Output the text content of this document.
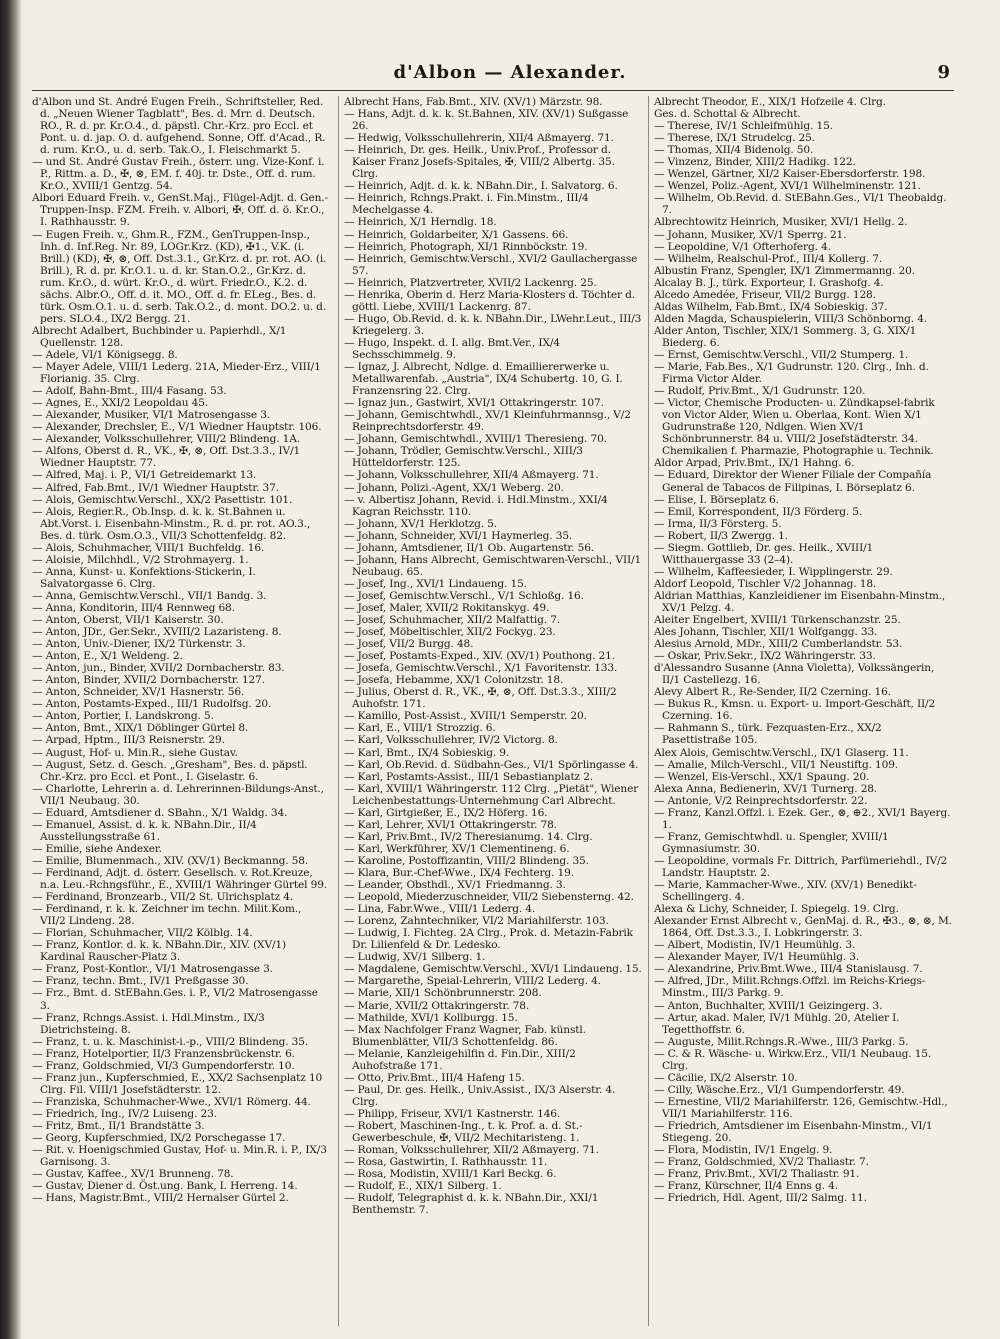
d'Albon — Alexander.	9

d'Albon und St. André Eugen Freih., Schriftsteller, Red. d. „Neuen Wiener Tagblatt", Bes. d. Mrr. d. Deutsch. RO., R. d. pr. Kr.O.4., d. päpstl. Chr.-Krz. pro Eccl. et Pont. u. d. jap. O. d. aufgehend. Sonne, Off. d'Acad., R. d. rum. Kr.O., u. d. serb. Tak.O., I. Fleischmarkt 5.

— und St. André Gustav Freih., österr. ung. Vize-Konf. i. P., Rittm. a. D., ✠, ⊗, EM. f. 40j. tr. Dste., Off. d. rum. Kr.O., XVIII/1 Gentzg. 54.

Albori Eduard Freih. v., GenSt.Maj., Flügel-Adjt. d. Gen.-Truppen-Insp. FZM. Freih. v. Albori, ✠, Off. d. ö. Kr.O., I. Rathhausstr. 9.

— Eugen Freih. v., Ghm.R., FZM., GenTruppen-Insp., Inh. d. Inf.Reg. Nr. 89, LOGr.Krz. (KD), ✠1., V.K. (i. Brill.) (KD), ✠, ⊗, Off. Dst.3.1., Gr.Krz. d. pr. rot. AO. (i. Brill.), R. d. pr. Kr.O.1. u. d. kr. Stan.O.2., Gr.Krz. d. rum. Kr.O., d. würt. Kr.O., d. würt. Friedr.O., K.2. d. sächs. Albr.O., Off. d. it. MO., Off. d. fr. ELeg., Bes. d. türk. Osm.O.1. u. d. serb. Tak.O.2., d. mont. DO.2. u. d. pers. SLO.4., IX/2 Bergg. 21.

Albrecht Adalbert, Buchbinder u. Papierhdl., X/1 Quellenstr. 128.

— Adele, VI/1 Königsegg. 8.

— Mayer Adele, VIII/1 Lederg. 21A, Mieder-Erz., VIII/1 Florianig. 35. Clrg.

— Adolf, Bahn-Bmt., III/4 Fasang. 53.

— Agnes, E., XXI/2 Leopoldau 45.

— Alexander, Musiker, VI/1 Matrosengasse 3.

— Alexander, Drechsler, E., V/1 Wiedner Hauptstr. 106.

— Alexander, Volksschullehrer, VIII/2 Blindeng. 1A.

— Alfons, Oberst d. R., VK., ✠, ⊗, Off. Dst.3.3., IV/1 Wiedner Hauptstr. 77.

— Alfred, Maj. i. P., VI/1 Getreidemarkt 13.

— Alfred, Fab.Bmt., IV/1 Wiedner Hauptstr. 37.

— Alois, Gemischtw.Verschl., XX/2 Pasettistr. 101.

— Alois, Regier.R., Ob.Insp. d. k. k. St.Bahnen u. Abt.Vorst. i. Eisenbahn-Minstm., R. d. pr. rot. AO.3., Bes. d. türk. Osm.O.3., VII/3 Schottenfeldg. 82.

— Alois, Schuhmacher, VIII/1 Buchfeldg. 16.

— Aloisie, Milchhdl., V/2 Strohmayerg. 1.

— Anna, Kunst- u. Konfektions-Stickerin, I. Salvatorgasse 6. Clrg.

— Anna, Gemischtw.Verschl., VII/1 Bandg. 3.

— Anna, Konditorin, III/4 Rennweg 68.

— Anton, Oberst, VII/1 Kaiserstr. 30.

— Anton, JDr., Ger.Sekr., XVIII/2 Lazaristeng. 8.

— Anton, Univ.-Diener, IX/2 Türkenstr. 3.

— Anton, E., X/1 Weldeng. 2.

— Anton, jun., Binder, XVII/2 Dornbacherstr. 83.

— Anton, Binder, XVII/2 Dornbacherstr. 127.

— Anton, Schneider, XV/1 Hasnerstr. 56.

— Anton, Postamts-Exped., III/1 Rudolfsg. 20.

— Anton, Portier, I. Landskrong. 5.

— Anton, Bmt., XIX/1 Döblinger Gürtel 8.

— Arpad, Hptm., III/3 Reisnerstr. 29.

— August, Hof- u. Min.R., siehe Gustav.

— August, Setz. d. Gesch. „Gresham", Bes. d. päpstl. Chr.-Krz. pro Eccl. et Pont., I. Giselastr. 6.

— Charlotte, Lehrerin a. d. Lehrerinnen-Bildungs-Anst., VII/1 Neubaug. 30.

— Eduard, Amtsdiener d. SBahn., X/1 Waldg. 34.

— Emanuel, Assist. d. k. k. NBahn.Dir., II/4 Ausstellungsstraße 61.

— Emilie, siehe Andexer.

— Emilie, Blumenmach., XIV. (XV/1) Beckmanng. 58.

— Ferdinand, Adjt. d. österr. Gesellsch. v. Rot.Kreuze, n.a. Leu.-Rchngsführ., E., XVIII/1 Währinger Gürtel 99.

— Ferdinand, Bronzearb., VII/2 St. Ulrichsplatz 4.

— Ferdinand, r. k. k. Zeichner im techn. Milit.Kom., VII/2 Lindeng. 28.

— Florian, Schuhmacher, VII/2 Kölblg. 14.

— Franz, Kontlor. d. k. k. NBahn.Dir., XIV. (XV/1) Kardinal Rauscher-Platz 3.

— Franz, Post-Kontlor., VI/1 Matrosengasse 3.

— Franz, techn. Bmt., IV/1 Preßgasse 30.

— Frz., Bmt. d. StEBahn.Ges. i. P., VI/2 Matrosengasse 3.

— Franz, Rchngs.Assist. i. Hdl.Minstm., IX/3 Dietrichsteing. 8.

— Franz, t. u. k. Maschinist-i.-p., VIII/2 Blindeng. 35.

— Franz, Hotelportier, II/3 Franzensbrückenstr. 6.

— Franz, Goldschmied, VI/3 Gumpendorferstr. 10.

— Franz jun., Kupferschmied, E., XX/2 Sachsenplatz 10 Clrg. Fil. VIII/1 Josefstädterstr. 12.

— Franziska, Schuhmacher-Wwe., XVI/1 Römerg. 44.

— Friedrich, Ing., IV/2 Luiseng. 23.

— Fritz, Bmt., II/1 Brandstätte 3.

— Georg, Kupferschmied, IX/2 Porschegasse 17.

— Rit. v. Hoenigschmied Gustav, Hof- u. Min.R. i. P., IX/3 Garnisong. 3.

— Gustav, Kaffee., XV/1 Brunneng. 78.

— Gustav, Diener d. Öst.ung. Bank, I. Herreng. 14.

— Hans, Magistr.Bmt., VIII/2 Hernalser Gürtel 2.

Albrecht Hans, Fab.Bmt., XIV. (XV/1) Märzstr. 98.

— Hans, Adjt. d. k. k. St.Bahnen, XIV. (XV/1) Sußgasse 26.

— Hedwig, Volksschullehrerin, XII/4 Aßmayerg. 71.

— Heinrich, Dr. ges. Heilk., Univ.Prof., Professor d. Kaiser Franz Josefs-Spitales, ✠, VIII/2 Albertg. 35. Clrg.

— Heinrich, Adjt. d. k. k. NBahn.Dir., I. Salvatorg. 6.

— Heinrich, Rchngs.Prakt. i. Fin.Minstm., III/4 Mechelgasse 4.

— Heinrich, X/1 Herndlg. 18.

— Heinrich, Goldarbeiter, X/1 Gassens. 66.

— Heinrich, Photograph, XI/1 Rinnböckstr. 19.

— Heinrich, Gemischtw.Verschl., XVI/2 Gaullachergasse 57.

— Heinrich, Platzvertreter, XVII/2 Lackenrg. 25.

— Henrika, Oberin d. Herz Maria-Klosters d. Töchter d. göttl. Liebe, XVIII/1 Lackenrg. 87.

— Hugo, Ob.Revid. d. k. k. NBahn.Dir., LWehr.Leut., III/3 Kriegelerg. 3.

— Hugo, Inspekt. d. I. allg. Bmt.Ver., IX/4 Sechsschimmelg. 9.

— Ignaz, J. Albrecht, Ndlge. d. Emailliererwerke u. Metallwarenfab. „Austria", IX/4 Schubertg. 10, G. I. Franzensring 22. Clrg.

— Ignaz jun., Gastwirt, XVI/1 Ottakringerstr. 107.

— Johann, Gemischtwhdl., XV/1 Kleinfuhrmannsg., V/2 Reinprechtsdorferstr. 49.

— Johann, Gemischtwhdl., XVIII/1 Theresieng. 70.

— Johann, Trödler, Gemischtw.Verschl., XIII/3 Hütteldorferstr. 125.

— Johann, Volksschullehrer, XII/4 Aßmayerg. 71.

— Johann, Polizi.-Agent, XX/1 Weberg. 20.

— v. Albertisz Johann, Revid. i. Hdl.Minstm., XXI/4 Kagran Reichsstr. 110.

— Johann, XV/1 Herklotzg. 5.

— Johann, Schneider, XVI/1 Haymerleg. 35.

— Johann, Amtsdiener, II/1 Ob. Augartenstr. 56.

— Johann, Hans Albrecht, Gemischtwaren-Verschl., VII/1 Neubaug. 65.

— Josef, Ing., XVI/1 Lindaueng. 15.

— Josef, Gemischtw.Verschl., V/1 Schloßg. 16.

— Josef, Maler, XVII/2 Rokitanskyg. 49.

— Josef, Schuhmacher, XII/2 Malfattig. 7.

— Josef, Möbeltischler, XII/2 Fockyg. 23.

— Josef, VII/2 Burgg. 48.

— Josef, Postamts-Exped., XIV. (XV/1) Pouthong. 21.

— Josefa, Gemischtw.Verschl., X/1 Favoritenstr. 133.

— Josefa, Hebamme, XX/1 Colonitzstr. 18.

— Julius, Oberst d. R., VK., ✠, ⊗, Off. Dst.3.3., XIII/2 Auhofstr. 171.

— Kamillo, Post-Assist., XVIII/1 Semperstr. 20.

— Karl, E., VIII/1 Strozzig. 6.

— Karl, Volksschullehrer, IV/2 Victorg. 8.

— Karl, Bmt., IX/4 Sobieskig. 9.

— Karl, Ob.Revid. d. Südbahn-Ges., VI/1 Spörlingasse 4.

— Karl, Postamts-Assist., III/1 Sebastianplatz 2.

— Karl, XVIII/1 Währingerstr. 112 Clrg. „Pietät", Wiener Leichenbestattungs-Unternehmung Carl Albrecht.

— Karl, Girtgießer, E., IX/2 Höferg. 16.

— Karl, Lehrer, XVI/1 Ottakringerstr. 78.

— Karl, Priv.Bmt., IV/2 Theresianumg. 14. Clrg.

— Karl, Werkführer, XV/1 Clementineng. 6.

— Karoline, Postoffizantin, VIII/2 Blindeng. 35.

— Klara, Bur.-Chef-Wwe., IX/4 Fechterg. 19.

— Leander, Obsthdl., XV/1 Friedmanng. 3.

— Leopold, Miederzuschneider, VII/2 Siebensterng. 42.

— Lina, Fabr.Wwe., VIII/1 Lederg. 4.

— Lorenz, Zahntechniker, VI/2 Mariahilferstr. 103.

— Ludwig, I. Fichteg. 2A Clrg., Prok. d. Metazin-Fabrik Dr. Lilienfeld & Dr. Ledesko.

— Ludwig, XV/1 Silberg. 1.

— Magdalene, Gemischtw.Verschl., XVI/1 Lindaueng. 15.

— Margarethe, Speial-Lehrerin, VIII/2 Lederg. 4.

— Marie, XII/1 Schönbrunnerstr. 208.

— Marie, XVII/2 Ottakringerstr. 78.

— Mathilde, XVI/1 Kollburgg. 15.

— Max Nachfolger Franz Wagner, Fab. künstl. Blumenblätter, VII/3 Schottenfeldg. 86.

— Melanie, Kanzleigehilfin d. Fin.Dir., XIII/2 Auhofstraße 171.

— Otto, Priv.Bmt., III/4 Hafeng 15.

— Paul, Dr. ges. Heilk., Univ.Assist., IX/3 Alserstr. 4. Clrg.

— Philipp, Friseur, XVI/1 Kastnerstr. 146.

— Robert, Maschinen-Ing., t. k. Prof. a. d. St.-Gewerbeschule, ✠, VII/2 Mechitaristeng. 1.

— Roman, Volksschullehrer, XII/2 Aßmayerg. 71.

— Rosa, Gastwirtin, I. Rathhausstr. 11.

— Rosa, Modistin, XVIII/1 Karl Beckg. 6.

— Rudolf, E., XIX/1 Silberg. 1.

— Rudolf, Telegraphist d. k. k. NBahn.Dir., XXI/1 Benthemstr. 7.

Albrecht Theodor, E., XIX/1 Hofzeile 4. Clrg.

Ges. d. Schottal & Albrecht.

— Therese, IV/1 Schleifmühlg. 15.

— Therese, IX/1 Strudelcg. 25.

— Thomas, XII/4 Bidenolg. 50.

— Vinzenz, Binder, XIII/2 Hadikg. 122.

— Wenzel, Gärtner, XI/2 Kaiser-Ebersdorferstr. 198.

— Wenzel, Poliz.-Agent, XVI/1 Wilhelminenstr. 121.

— Wilhelm, Ob.Revid. d. StEBahn.Ges., VI/1 Theobaldg. 7.

Albrechtowitz Heinrich, Musiker, XVI/1 Hellg. 2.

— Johann, Musiker, XV/1 Sperrg. 21.

— Leopoldine, V/1 Ofterhoferg. 4.

— Wilhelm, Realschul-Prof., III/4 Kollerg. 7.

Albustin Franz, Spengler, IX/1 Zimmermanng. 20.

Alcalay B. J., türk. Exporteur, I. Grashofg. 4.

Alcedo Amedée, Friseur, VII/2 Burgg. 128.

Aldas Wilhelm, Fab.Bmt., IX/4 Sobieskig. 37.

Alden Magda, Schauspielerin, VIII/3 Schönborng. 4.

Alder Anton, Tischler, XIX/1 Sommerg. 3, G. XIX/1 Biederg. 6.

— Ernst, Gemischtw.Verschl., VII/2 Stumperg. 1.

— Marie, Fab.Bes., X/1 Gudrunstr. 120. Clrg., Inh. d. Firma Victor Alder.

— Rudolf, Priv.Bmt., X/1 Gudrunstr. 120.

— Victor, Chemische Producten- u. Zündkapsel-fabrik von Victor Alder, Wien u. Oberlaa, Kont. Wien X/1 Gudrunstraße 120, Ndlgen. Wien XV/1 Schönbrunnerstr. 84 u. VIII/2 Josefstädterstr. 34. Chemikalien f. Pharmazie, Photographie u. Technik.

Aldor Arpad, Priv.Bmt., IX/1 Hahng. 6.

— Eduard, Direktor der Wiener Filiale der Compañía General de Tabacos de Filipinas, I. Börseplatz 6.

— Elise, I. Börseplatz 6.

— Emil, Korrespondent, II/3 Förderg. 5.

— Irma, II/3 Försterg. 5.

— Robert, II/3 Zwergg. 1.

— Siegm. Gottlieb, Dr. ges. Heilk., XVIII/1 Witthauergasse 33 (2–4).

— Wilhelm, Kaffeesieder, I. Wipplingerstr. 29.

Aldorf Leopold, Tischler V/2 Johannag. 18.

Aldrian Matthias, Kanzleidiener im Eisenbahn-Minstm., XV/1 Pelzg. 4.

Aleiter Engelbert, XVIII/1 Türkenschanzstr. 25.

Ales Johann, Tischler, XII/1 Wolfgangg. 33.

Alesius Arnold, MDr., XIII/2 Cumberlandstr. 53.

— Oskar, Priv.Sekr., IX/2 Währingerstr. 33.

d'Alessandro Susanne (Anna Violetta), Volkssängerin, II/1 Castellezg. 16.

Alevy Albert R., Re-Sender, II/2 Czerning. 16.

— Bukus R., Kmsn. u. Export- u. Import-Geschäft, II/2 Czerning. 16.

— Rahmann S., türk. Fezquasten-Erz., XX/2 Pasettistraße 105.

Alex Alois, Gemischtw.Verschl., IX/1 Glaserg. 11.

— Amalie, Milch-Verschl., VII/1 Neustiftg. 109.

— Wenzel, Eis-Verschl., XX/1 Spaung. 20.

Alexa Anna, Bedienerin, XV/1 Turnerg. 28.

— Antonie, V/2 Reinprechtsdorferstr. 22.

— Franz, Kanzl.Offzl. i. Ezek. Ger., ⊗, ⊕2., XVI/1 Bayerg. 1.

— Franz, Gemischtwhdl. u. Spengler, XVIII/1 Gymnasiumstr. 30.

— Leopoldine, vormals Fr. Dittrich, Parfümeriehdl., IV/2 Landstr. Hauptstr. 2.

— Marie, Kammacher-Wwe., XIV. (XV/1) Benedikt-Schellingerg. 4.

Alexa & Lichy, Schneider, I. Spiegelg. 19. Clrg.

Alexander Ernst Albrecht v., GenMaj. d. R., ✠3., ⊗, ⊗, M. 1864, Off. Dst.3.3., I. Lobkringerstr. 3.

— Albert, Modistin, IV/1 Heumühlg. 3.

— Alexander Mayer, IV/1 Heumühlg. 3.

— Alexandrine, Priv.Bmt.Wwe., III/4 Stanislausg. 7.

— Alfred, JDr., Milit.Rchngs.Offzl. im Reichs-Kriegs-Minstm., III/3 Parkg. 9.

— Anton, Buchhalter, XVIII/1 Geizingerg. 3.

— Artur, akad. Maler, IV/1 Mühlg. 20, Atelier I. Tegetthoffstr. 6.

— Auguste, Milit.Rchngs.R.-Wwe., III/3 Parkg. 5.

— C. & R. Wäsche- u. Wirkw.Erz., VII/1 Neubaug. 15. Clrg.

— Cäcilie, IX/2 Alserstr. 10.

— Cilly, Wäsche.Erz., VI/1 Gumpendorferstr. 49.

— Ernestine, VII/2 Mariahilferstr. 126, Gemischtw.-Hdl., VII/1 Mariahilferstr. 116.

— Friedrich, Amtsdiener im Eisenbahn-Minstm., VI/1 Stiegeng. 20.

— Flora, Modistin, IV/1 Engelg. 9.

— Franz, Goldschmied, XV/2 Thaliastr. 7.

— Franz, Priv.Bmt., XVI/2 Thaliastr. 91.

— Franz, Kürschner, II/4 Enns g. 4.

— Friedrich, Hdl. Agent, III/2 Salmg. 11.
